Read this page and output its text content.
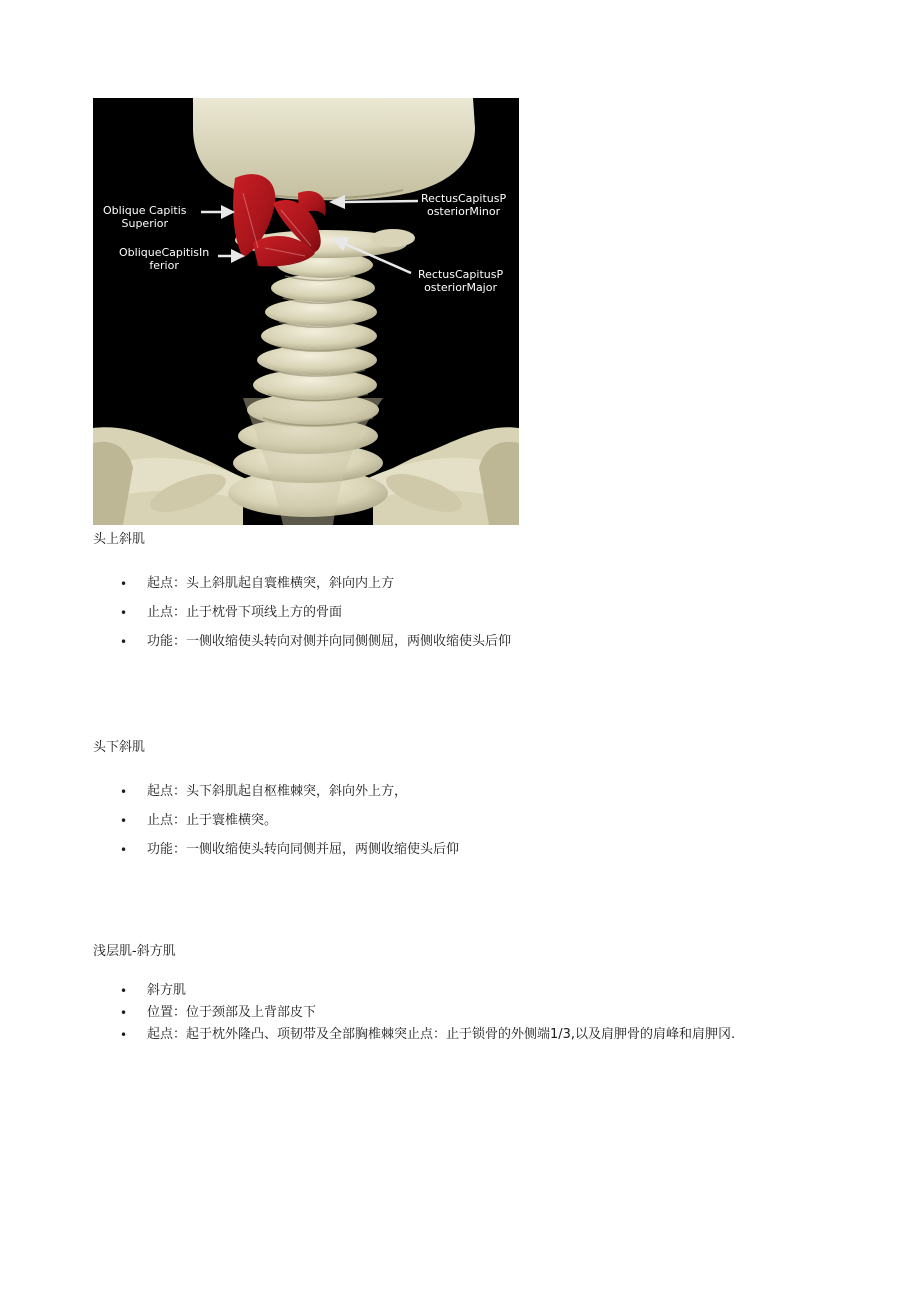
Oblique Capitis
Superior
ObliqueCapitisIn
ferior
RectusCapitusP
osteriorMinor
RectusCapitusP
osteriorMajor
头上斜肌
• 起点：头上斜肌起自寰椎横突，斜向内上方
• 止点：止于枕骨下项线上方的骨面
• 功能：一侧收缩使头转向对侧并向同侧侧屈，两侧收缩使头后仰
头下斜肌
• 起点：头下斜肌起自枢椎棘突，斜向外上方，
• 止点：止于寰椎横突。
• 功能：一侧收缩使头转向同侧并屈，两侧收缩使头后仰
浅层肌-斜方肌
• 斜方肌
• 位置：位于颈部及上背部皮下
• 起点：起于枕外隆凸、项韧带及全部胸椎棘突止点：止于锁骨的外侧端1/3,以及肩胛骨的肩峰和肩胛冈.
